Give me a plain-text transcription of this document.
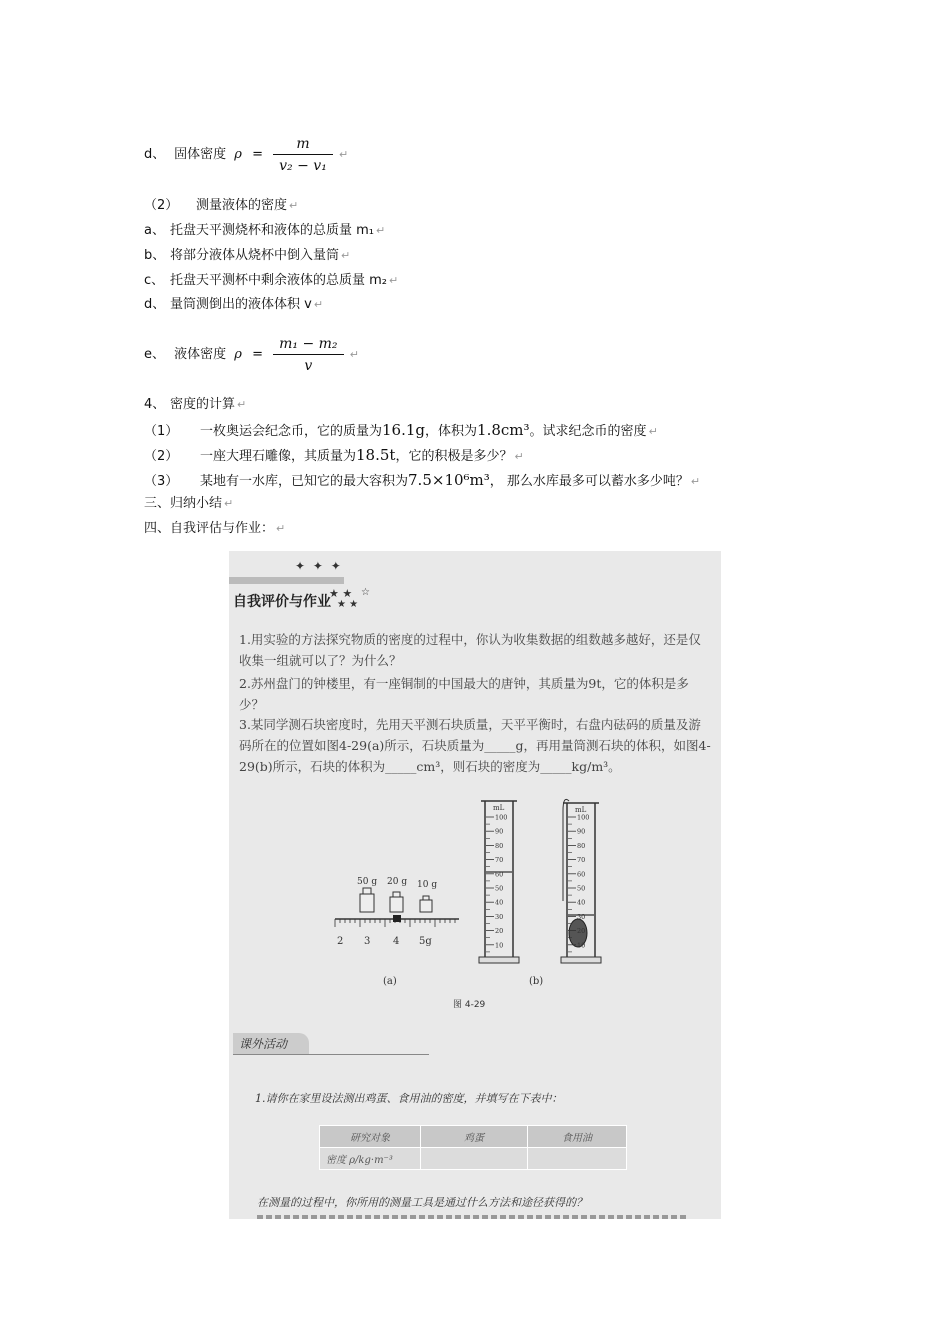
d、 固体密度 $\rho = \frac{m}{\text{v₂ − v₁}}$ ↵
（2） 测量液体的密度 ↵
a、 托盘天平测烧杯和液体的总质量 m₁ ↵
b、 将部分液体从烧杯中倒入量筒 ↵
c、 托盘天平测杯中剩余液体的总质量 m₂ ↵
d、 量筒测倒出的液体体积 v ↵
e、 液体密度 $\rho = \frac{\text{m₁ − m₂}}{v}$ ↵
4、 密度的计算 ↵
（1） 一枚奥运会纪念币，它的质量为16.1g，体积为1.8cm³。试求纪念币的密度 ↵
（2） 一座大理石雕像，其质量为18.5t，它的积极是多少？ ↵
（3） 某地有一水库，已知它的最大容积为7.5×10⁶m³， 那么水库最多可以蓄水多少吨？ ↵
三、归纳小结 ↵
四、自我评估与作业： ↵
✦ ✦ ✦
★ ★
★ ★
☆
自我评价与作业

1.用实验的方法探究物质的密度的过程中，你认为收集数据的组数越多越好，还是仅收集一组就可以了？为什么？

2.苏州盘门的钟楼里，有一座铜制的中国最大的唐钟，其质量为9t，它的体积是多少？

3.某同学测石块密度时，先用天平测石块质量，天平平衡时，右盘内砝码的质量及游码所在的位置如图4-29(a)所示，石块质量为_____g，再用量筒测石块的体积，如图4-29(b)所示，石块的体积为_____cm³，则石块的密度为_____kg/m³。

50 g 20 g 10 g
2 3 4 5g
(a)
100
90
80
70
60
50
40
30
20
10
mL
100
90
80
70
60
50
40
30
20
10
mL
(b)
图 4-29
课外活动
1.请你在家里设法测出鸡蛋、食用油的密度，并填写在下表中：
研究对象	鸡蛋	食用油
密度 ρ/kg·m⁻³		
在测量的过程中，你所用的测量工具是通过什么方法和途径获得的？
